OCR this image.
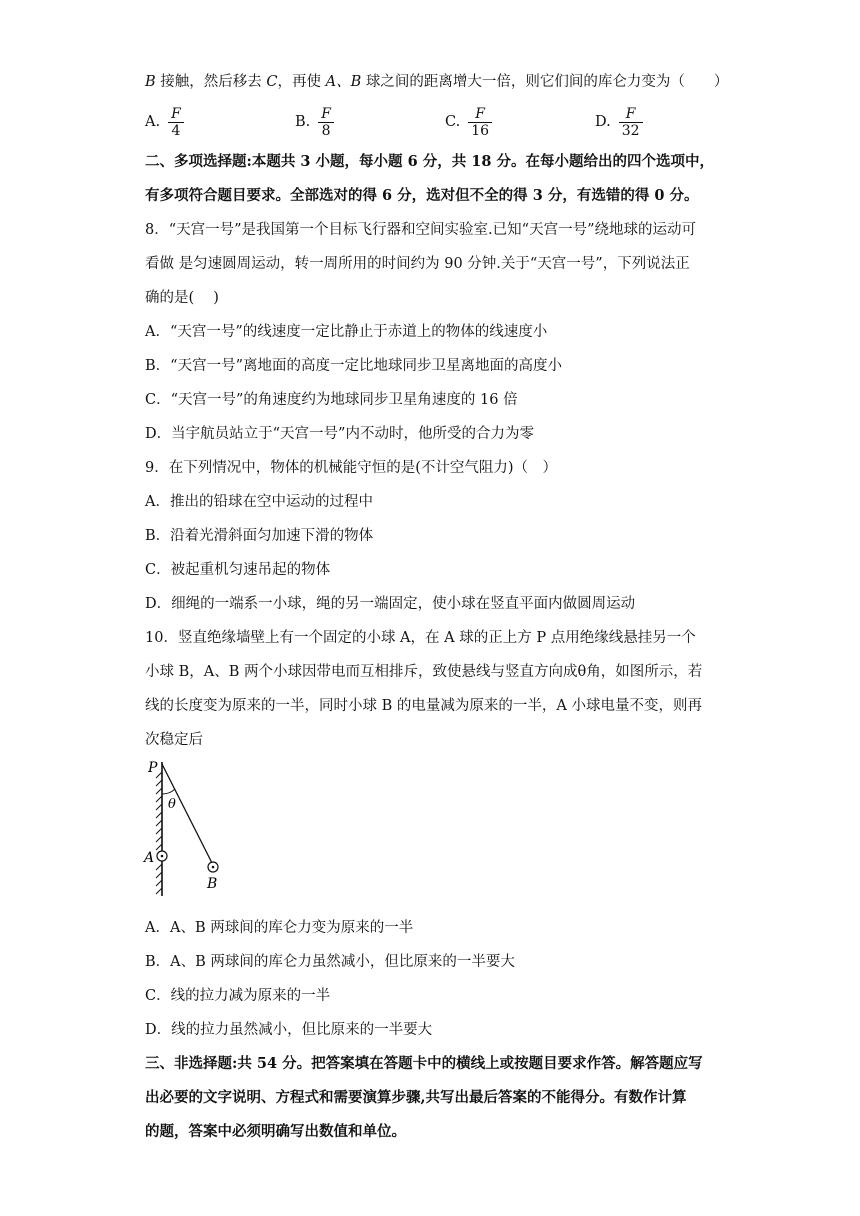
B 接触，然后移去 C，再使 A、B 球之间的距离增大一倍，则它们间的库仑力变为（　　）
A. $\frac{F}{4}$	B. $\frac{F}{8}$	C. $\frac{F}{16}$	D. $\frac{F}{32}$
二、多项选择题:本题共 3 小题，每小题 6 分，共 18 分。在每小题给出的四个选项中，
有多项符合题目要求。全部选对的得 6 分，选对但不全的得 3 分，有选错的得 0 分。
8．“天宫一号”是我国第一个目标飞行器和空间实验室.已知“天宫一号”绕地球的运动可
看做 是匀速圆周运动，转一周所用的时间约为 90 分钟.关于“天宫一号”，下列说法正
确的是(　 )
A．“天宫一号”的线速度一定比静止于赤道上的物体的线速度小
B．“天宫一号”离地面的高度一定比地球同步卫星离地面的高度小
C．“天宫一号”的角速度约为地球同步卫星角速度的 16 倍
D．当宇航员站立于“天宫一号”内不动时，他所受的合力为零
9．在下列情况中，物体的机械能守恒的是(不计空气阻力)（　）
A．推出的铅球在空中运动的过程中
B．沿着光滑斜面匀加速下滑的物体
C．被起重机匀速吊起的物体
D．细绳的一端系一小球，绳的另一端固定，使小球在竖直平面内做圆周运动
10．竖直绝缘墙壁上有一个固定的小球 A，在 A 球的正上方 P 点用绝缘线悬挂另一个
小球 B，A、B 两个小球因带电而互相排斥，致使悬线与竖直方向成θ角，如图所示，若
线的长度变为原来的一半，同时小球 B 的电量减为原来的一半，A 小球电量不变，则再
次稳定后
P
θ
A
B
A．A、B 两球间的库仑力变为原来的一半
B．A、B 两球间的库仑力虽然减小，但比原来的一半要大
C．线的拉力减为原来的一半
D．线的拉力虽然减小，但比原来的一半要大
三、非选择题:共 54 分。把答案填在答题卡中的横线上或按题目要求作答。解答题应写
出必要的文字说明、方程式和需要演算步骤,共写出最后答案的不能得分。有数作计算
的题，答案中必须明确写出数值和单位。
